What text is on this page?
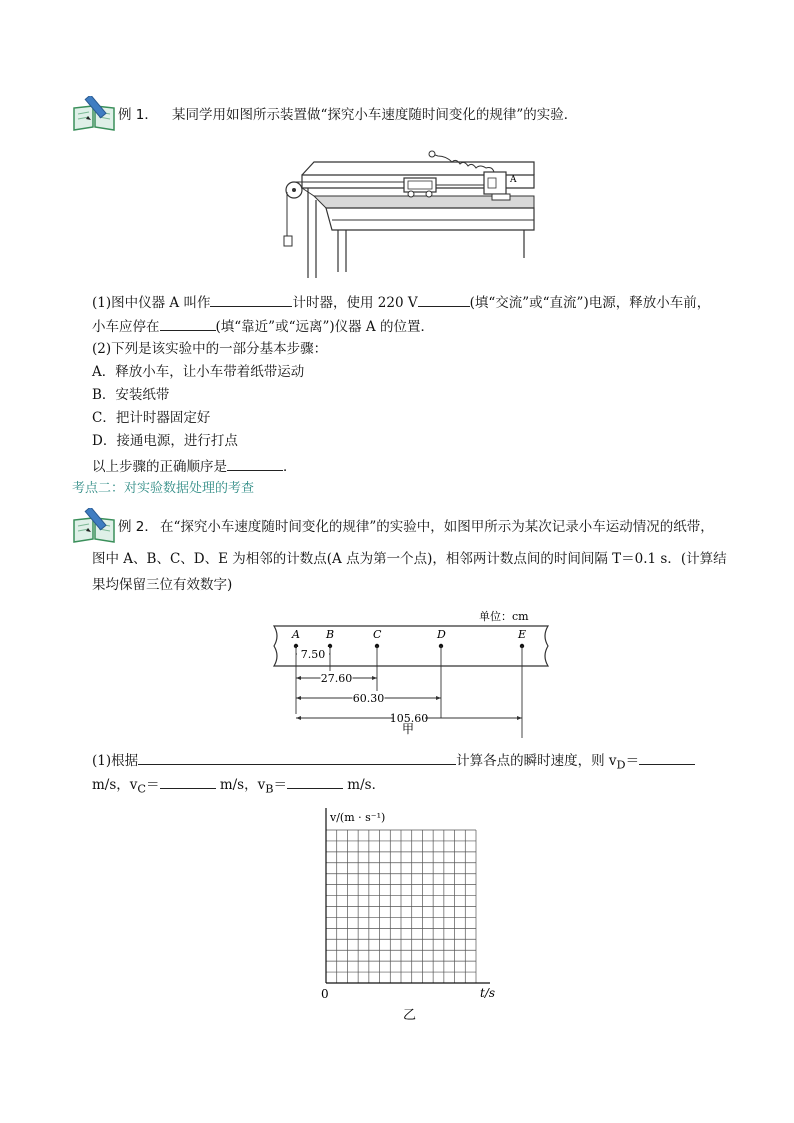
例 1． 某同学用如图所示装置做“探究小车速度随时间变化的规律”的实验．
A
(1)图中仪器 A 叫作	计时器，使用 220 V	(填“交流”或“直流”)电源，释放小车前，
小车应停在	(填“靠近”或“远离”)仪器 A 的位置．
(2)下列是该实验中的一部分基本步骤：
A．释放小车，让小车带着纸带运动
B．安装纸带
C．把计时器固定好
D．接通电源，进行打点
以上步骤的正确顺序是	．
考点二：对实验数据处理的考查
例 2． 在“探究小车速度随时间变化的规律”的实验中，如图甲所示为某次记录小车运动情况的纸带，
图中 A、B、C、D、E 为相邻的计数点(A 点为第一个点)，相邻两计数点间的时间间隔 T＝0.1 s．(计算结
果均保留三位有效数字)
单位：cm
A B	C	D	E
7.50
27.60
60.30
105.60
甲
(1)根据	计算各点的瞬时速度，则 $v_D=$
m/s，$v_C=$	m/s，$v_B=$	m/s．
v/(m · s⁻¹)
t/s
0
乙
